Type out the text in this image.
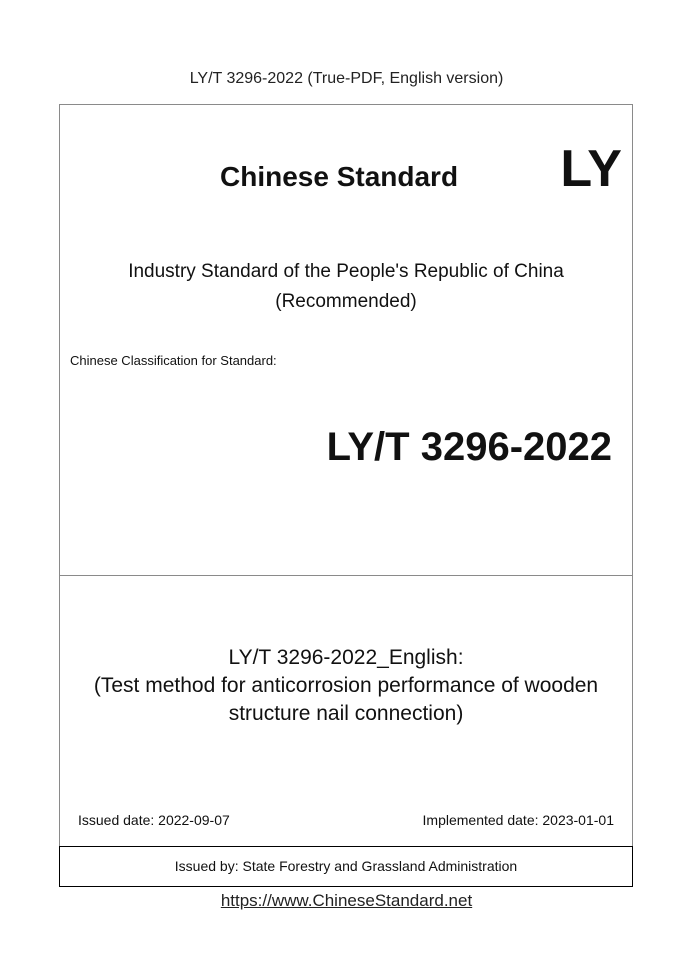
LY/T 3296-2022 (True-PDF, English version)
Chinese Standard LY
Industry Standard of the People's Republic of China
(Recommended)
Chinese Classification for Standard:
LY/T 3296-2022
LY/T 3296-2022_English:
(Test method for anticorrosion performance of wooden
structure nail connection)
Issued date: 2022-09-07	Implemented date: 2023-01-01
Issued by: State Forestry and Grassland Administration
https://www.ChineseStandard.net
